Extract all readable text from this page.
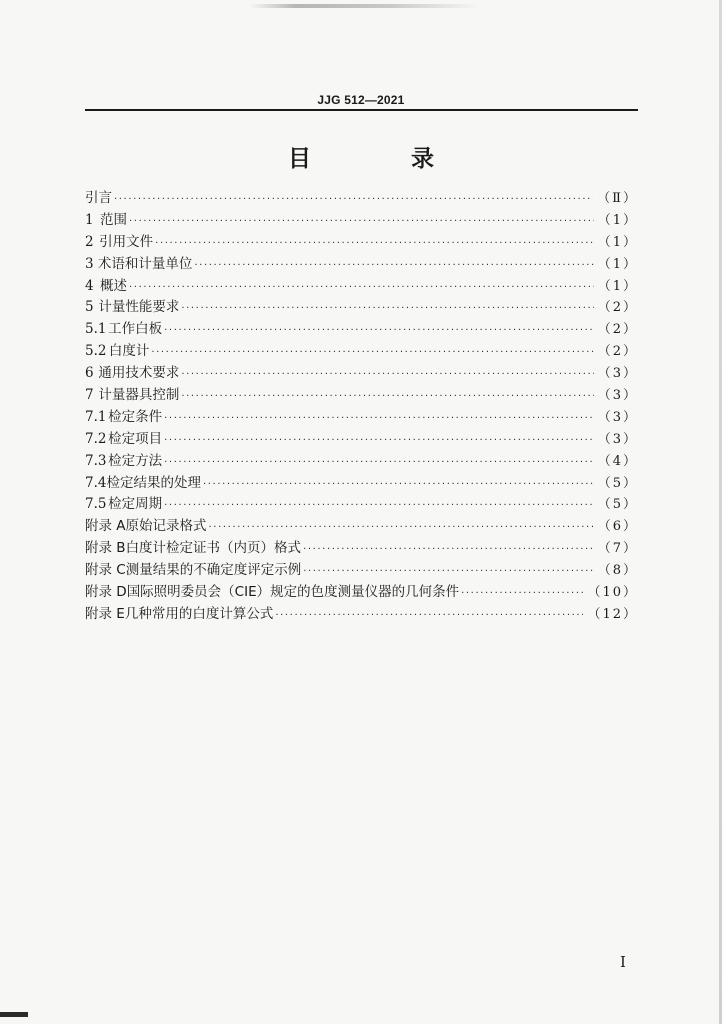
JJG 512—2021
目 录
引言 ·····	（Ⅱ）
1 范围 ·····	（1）
2 引用文件 ·····	（1）
3 术语和计量单位 ·····	（1）
4 概述 ·····	（1）
5 计量性能要求 ·····	（2）
5.1 工作白板 ·····	（2）
5.2 白度计 ·····	（2）
6 通用技术要求 ·····	（3）
7 计量器具控制 ·····	（3）
7.1 检定条件 ·····	（3）
7.2 检定项目 ·····	（3）
7.3 检定方法 ·····	（4）
7.4 检定结果的处理 ·····	（5）
7.5 检定周期 ·····	（5）
附录 A 原始记录格式 ·····	（6）
附录 B 白度计检定证书（内页）格式 ·····	（7）
附录 C 测量结果的不确定度评定示例 ·····	（8）
附录 D 国际照明委员会（CIE）规定的色度测量仪器的几何条件 ·····	（10）
附录 E 几种常用的白度计算公式 ·····	（12）
I
